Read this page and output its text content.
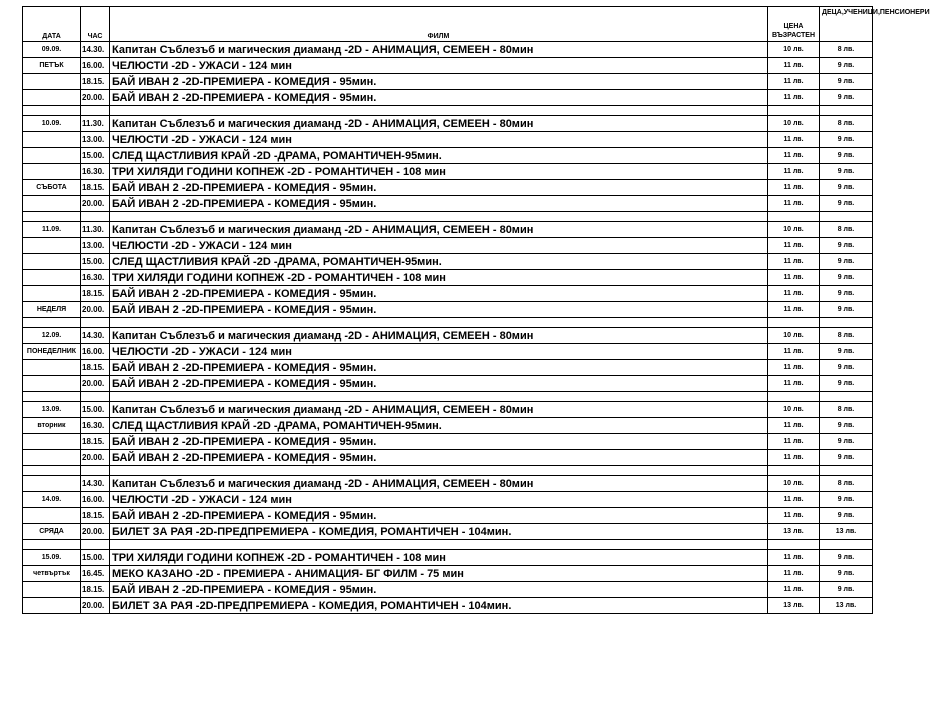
ДАТА	ЧАС	ФИЛМ	ЦЕНА ВЪЗРАСТЕН	ДЕЦА,УЧЕНИЦИ,ПЕНСИОНЕРИ
09.09.	14.30.	Капитан Съблезъб и магическия диамaнд -2D - АНИМАЦИЯ, СЕМЕЕН - 80мин	10 лв.	8 лв.
ПЕТЪК	16.00.	ЧЕЛЮСТИ -2D - УЖАСИ - 124 мин	11 лв.	9 лв.
	18.15.	БАЙ ИВАН 2 -2D-ПРЕМИЕРА - КОМЕДИЯ - 95мин.	11 лв.	9 лв.
	20.00.	БАЙ ИВАН 2 -2D-ПРЕМИЕРА - КОМЕДИЯ - 95мин.	11 лв.	9 лв.

10.09.	11.30.	Капитан Съблезъб и магическия диамaнд -2D - АНИМАЦИЯ, СЕМЕЕН - 80мин	10 лв.	8 лв.
	13.00.	ЧЕЛЮСТИ -2D - УЖАСИ - 124 мин	11 лв.	9 лв.
	15.00.	СЛЕД ЩАСТЛИВИЯ КРАЙ -2D -ДРАМА, РОМАНТИЧЕН-95мин.	11 лв.	9 лв.
	16.30.	ТРИ ХИЛЯДИ ГОДИНИ КОПНЕЖ -2D - РОМАНТИЧЕН - 108 мин	11 лв.	9 лв.
СЪБОТА	18.15.	БАЙ ИВАН 2 -2D-ПРЕМИЕРА - КОМЕДИЯ - 95мин.	11 лв.	9 лв.
	20.00.	БАЙ ИВАН 2 -2D-ПРЕМИЕРА - КОМЕДИЯ - 95мин.	11 лв.	9 лв.

11.09.	11.30.	Капитан Съблезъб и магическия диамaнд -2D - АНИМАЦИЯ, СЕМЕЕН - 80мин	10 лв.	8 лв.
	13.00.	ЧЕЛЮСТИ -2D - УЖАСИ - 124 мин	11 лв.	9 лв.
	15.00.	СЛЕД ЩАСТЛИВИЯ КРАЙ -2D -ДРАМА, РОМАНТИЧЕН-95мин.	11 лв.	9 лв.
	16.30.	ТРИ ХИЛЯДИ ГОДИНИ КОПНЕЖ -2D - РОМАНТИЧЕН - 108 мин	11 лв.	9 лв.
	18.15.	БАЙ ИВАН 2 -2D-ПРЕМИЕРА - КОМЕДИЯ - 95мин.	11 лв.	9 лв.
НЕДЕЛЯ	20.00.	БАЙ ИВАН 2 -2D-ПРЕМИЕРА - КОМЕДИЯ - 95мин.	11 лв.	9 лв.

12.09.	14.30.	Капитан Съблезъб и магическия диамaнд -2D - АНИМАЦИЯ, СЕМЕЕН - 80мин	10 лв.	8 лв.
ПОНЕДЕЛНИК	16.00.	ЧЕЛЮСТИ -2D - УЖАСИ - 124 мин	11 лв.	9 лв.
	18.15.	БАЙ ИВАН 2 -2D-ПРЕМИЕРА - КОМЕДИЯ - 95мин.	11 лв.	9 лв.
	20.00.	БАЙ ИВАН 2 -2D-ПРЕМИЕРА - КОМЕДИЯ - 95мин.	11 лв.	9 лв.

13.09.	15.00.	Капитан Съблезъб и магическия диамaнд -2D - АНИМАЦИЯ, СЕМЕЕН - 80мин	10 лв.	8 лв.
вторник	16.30.	СЛЕД ЩАСТЛИВИЯ КРАЙ -2D -ДРАМА, РОМАНТИЧЕН-95мин.	11 лв.	9 лв.
	18.15.	БАЙ ИВАН 2 -2D-ПРЕМИЕРА - КОМЕДИЯ - 95мин.	11 лв.	9 лв.
	20.00.	БАЙ ИВАН 2 -2D-ПРЕМИЕРА - КОМЕДИЯ - 95мин.	11 лв.	9 лв.

	14.30.	Капитан Съблезъб и магическия диамaнд -2D - АНИМАЦИЯ, СЕМЕЕН - 80мин	10 лв.	8 лв.
14.09.	16.00.	ЧЕЛЮСТИ -2D - УЖАСИ - 124 мин	11 лв.	9 лв.
	18.15.	БАЙ ИВАН 2 -2D-ПРЕМИЕРА - КОМЕДИЯ - 95мин.	11 лв.	9 лв.
СРЯДА	20.00.	БИЛЕТ ЗА РАЯ -2D-ПРЕДПРЕМИЕРА - КОМЕДИЯ, РОМАНТИЧЕН - 104мин.	13 лв.	13 лв.

15.09.	15.00.	ТРИ ХИЛЯДИ ГОДИНИ КОПНЕЖ -2D - РОМАНТИЧЕН - 108 мин	11 лв.	9 лв.
четвъртък	16.45.	МЕКО КАЗАНО -2D - ПРЕМИЕРА - АНИМАЦИЯ- БГ ФИЛМ - 75 мин	11 лв.	9 лв.
	18.15.	БАЙ ИВАН 2 -2D-ПРЕМИЕРА - КОМЕДИЯ - 95мин.	11 лв.	9 лв.
	20.00.	БИЛЕТ ЗА РАЯ -2D-ПРЕДПРЕМИЕРА - КОМЕДИЯ, РОМАНТИЧЕН - 104мин.	13 лв.	13 лв.
